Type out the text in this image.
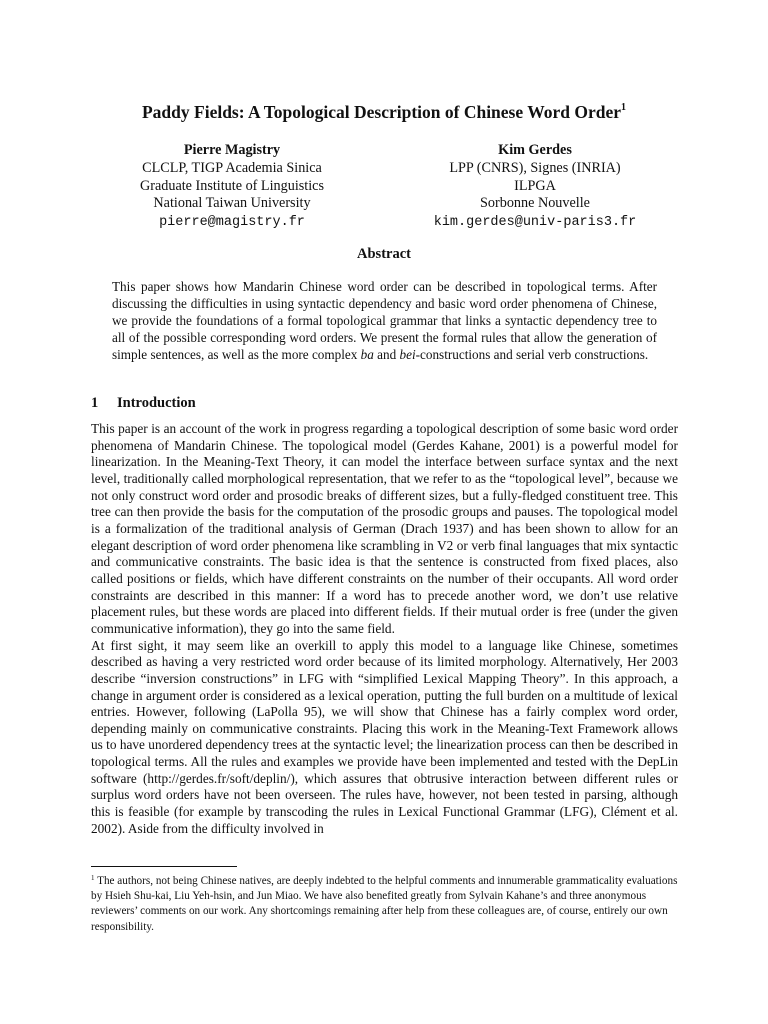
Paddy Fields: A Topological Description of Chinese Word Order$^1$
Pierre Magistry
CLCLP, TIGP Academia Sinica
Graduate Institute of Linguistics
National Taiwan University
pierre@magistry.fr
Kim Gerdes
LPP (CNRS), Signes (INRIA)
ILPGA
Sorbonne Nouvelle
kim.gerdes@univ-paris3.fr
Abstract
This paper shows how Mandarin Chinese word order can be described in topological terms. After discussing the difficulties in using syntactic dependency and basic word order phenomena of Chinese, we provide the foundations of a formal topological grammar that links a syntactic dependency tree to all of the possible corresponding word orders. We present the formal rules that allow the generation of simple sentences, as well as the more complex ba and bei-constructions and serial verb constructions.
1 Introduction

This paper is an account of the work in progress regarding a topological description of some basic word order phenomena of Mandarin Chinese. The topological model (Gerdes Kahane, 2001) is a powerful model for linearization. In the Meaning-Text Theory, it can model the interface between surface syntax and the next level, traditionally called morphological representation, that we refer to as the “topological level”, because we not only construct word order and prosodic breaks of different sizes, but a fully-fledged constituent tree. This tree can then provide the basis for the computation of the prosodic groups and pauses. The topological model is a formalization of the traditional analysis of German (Drach 1937) and has been shown to allow for an elegant description of word order phenomena like scrambling in V2 or verb final languages that mix syntactic and communicative constraints. The basic idea is that the sentence is constructed from fixed places, also called positions or fields, which have different constraints on the number of their occupants. All word order constraints are described in this manner: If a word has to precede another word, we don’t use relative placement rules, but these words are placed into different fields. If their mutual order is free (under the given communicative information), they go into the same field.

At first sight, it may seem like an overkill to apply this model to a language like Chinese, sometimes described as having a very restricted word order because of its limited morphology. Alternatively, Her 2003 describe “inversion constructions” in LFG with “simplified Lexical Mapping Theory”. In this approach, a change in argument order is considered as a lexical operation, putting the full burden on a multitude of lexical entries. However, following (LaPolla 95), we will show that Chinese has a fairly complex word order, depending mainly on communicative constraints. Placing this work in the Meaning-Text Framework allows us to have unordered dependency trees at the syntactic level; the linearization process can then be described in topological terms. All the rules and examples we provide have been implemented and tested with the DepLin software (http://gerdes.fr/soft/deplin/), which assures that obtrusive interaction between different rules or surplus word orders have not been overseen. The rules have, however, not been tested in parsing, although this is feasible (for example by transcoding the rules in Lexical Functional Grammar (LFG), Clément et al. 2002). Aside from the difficulty involved in

$^1$ The authors, not being Chinese natives, are deeply indebted to the helpful comments and innumerable grammaticality evaluations by Hsieh Shu-kai, Liu Yeh-hsin, and Jun Miao. We have also benefited greatly from Sylvain Kahane’s and three anonymous reviewers’ comments on our work. Any shortcomings remaining after help from these colleagues are, of course, entirely our own responsibility.
